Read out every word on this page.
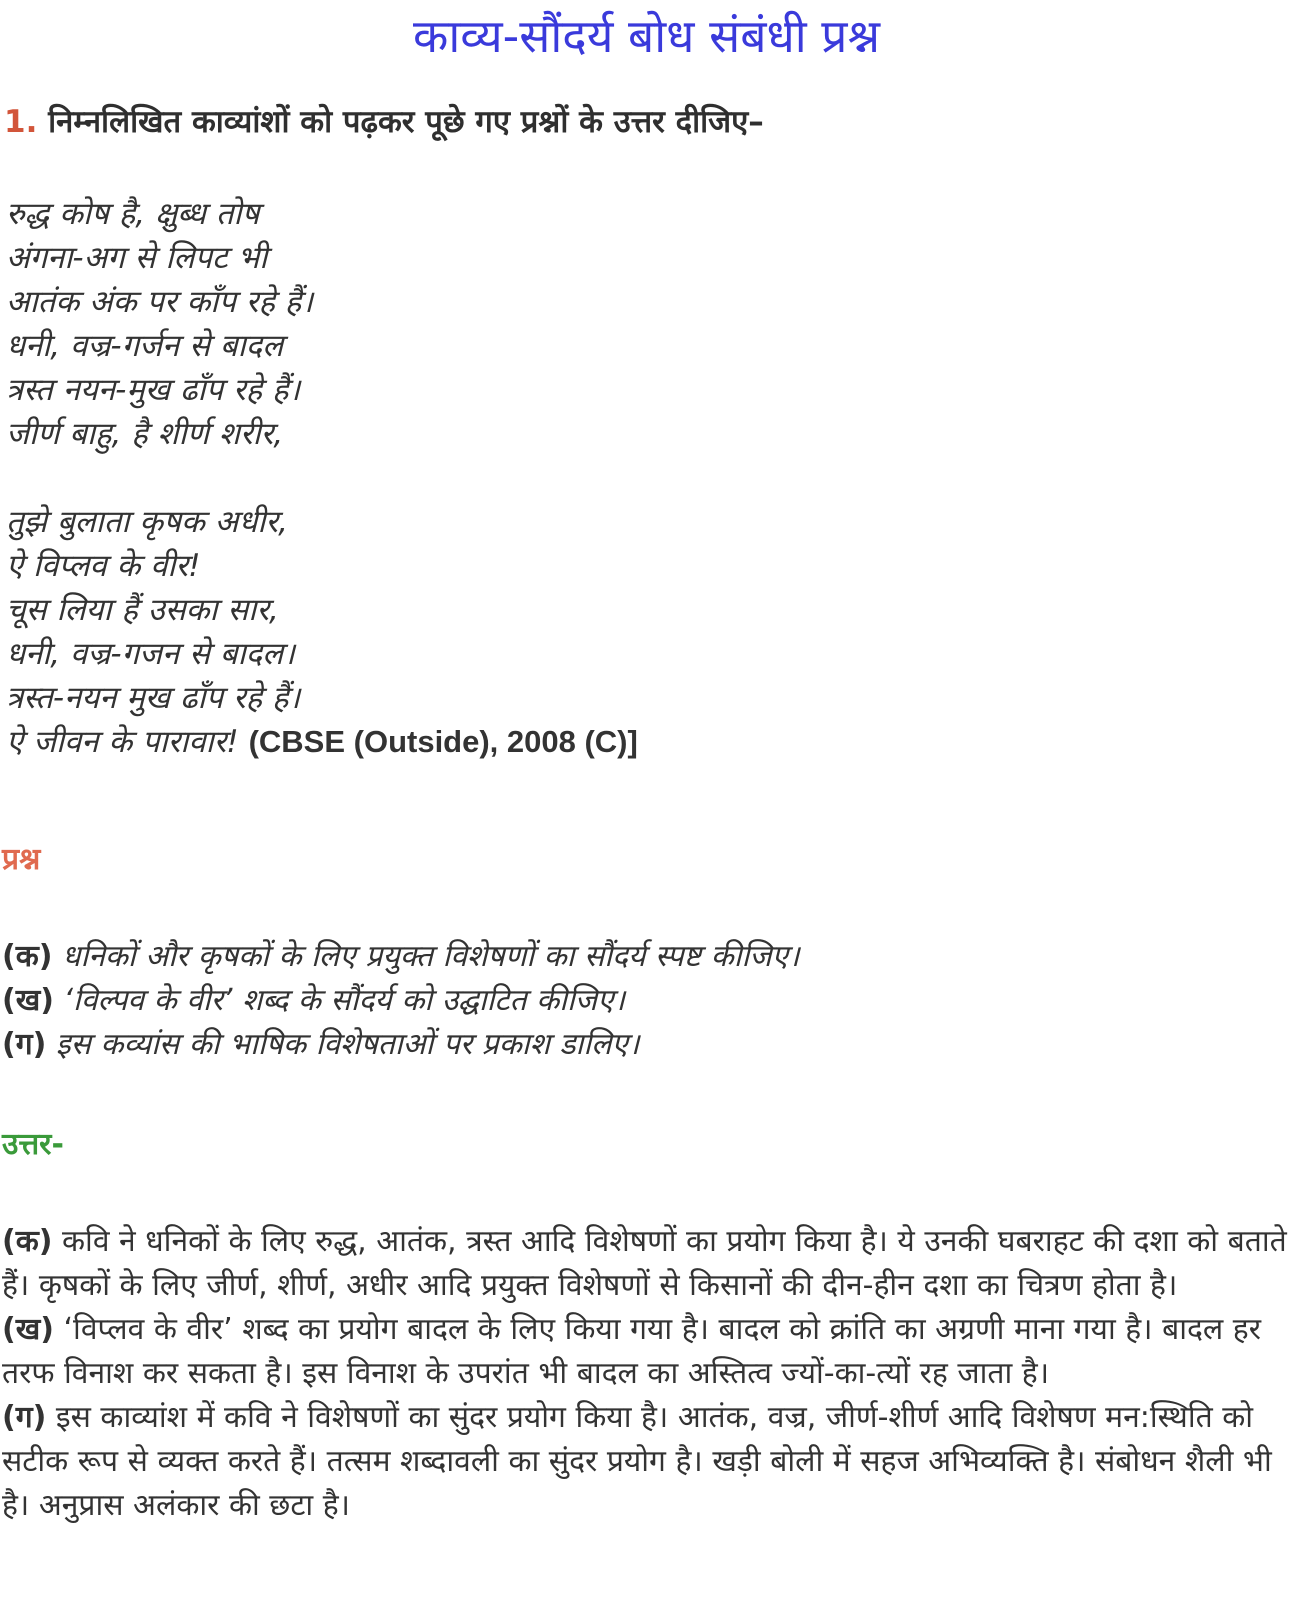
काव्य-सौंदर्य बोध संबंधी प्रश्न
1. निम्नलिखित काव्यांशों को पढ़कर पूछे गए प्रश्नों के उत्तर दीजिए–
रुद्ध कोष है, क्षुब्ध तोष
अंगना-अग से लिपट भी
आतंक अंक पर काँप रहे हैं।
धनी, वज्र-गर्जन से बादल
त्रस्त नयन-मुख ढाँप रहे हैं।
जीर्ण बाहु, है शीर्ण शरीर,
तुझे बुलाता कृषक अधीर,
ऐ विप्लव के वीर!
चूस लिया हैं उसका सार,
धनी, वज्र-गजन से बादल।
त्रस्त-नयन मुख ढाँप रहे हैं।
ऐ जीवन के पारावार! (CBSE (Outside), 2008 (C)]
प्रश्न
(क) धनिकों और कृषकों के लिए प्रयुक्त विशेषणों का सौंदर्य स्पष्ट कीजिए।
(ख) ‘विल्पव के वीर’ शब्द के सौंदर्य को उद्घाटित कीजिए।
(ग) इस कव्यांस की भाषिक विशेषताओं पर प्रकाश डालिए।
उत्तर-

(क) कवि ने धनिकों के लिए रुद्ध, आतंक, त्रस्त आदि विशेषणों का प्रयोग किया है। ये उनकी घबराहट की दशा को बताते हैं। कृषकों के लिए जीर्ण, शीर्ण, अधीर आदि प्रयुक्त विशेषणों से किसानों की दीन-हीन दशा का चित्रण होता है।

(ख) ‘विप्लव के वीर’ शब्द का प्रयोग बादल के लिए किया गया है। बादल को क्रांति का अग्रणी माना गया है। बादल हर तरफ विनाश कर सकता है। इस विनाश के उपरांत भी बादल का अस्तित्व ज्यों-का-त्यों रह जाता है।

(ग) इस काव्यांश में कवि ने विशेषणों का सुंदर प्रयोग किया है। आतंक, वज्र, जीर्ण-शीर्ण आदि विशेषण मन:स्थिति को सटीक रूप से व्यक्त करते हैं। तत्सम शब्दावली का सुंदर प्रयोग है। खड़ी बोली में सहज अभिव्यक्ति है। संबोधन शैली भी है। अनुप्रास अलंकार की छटा है।
